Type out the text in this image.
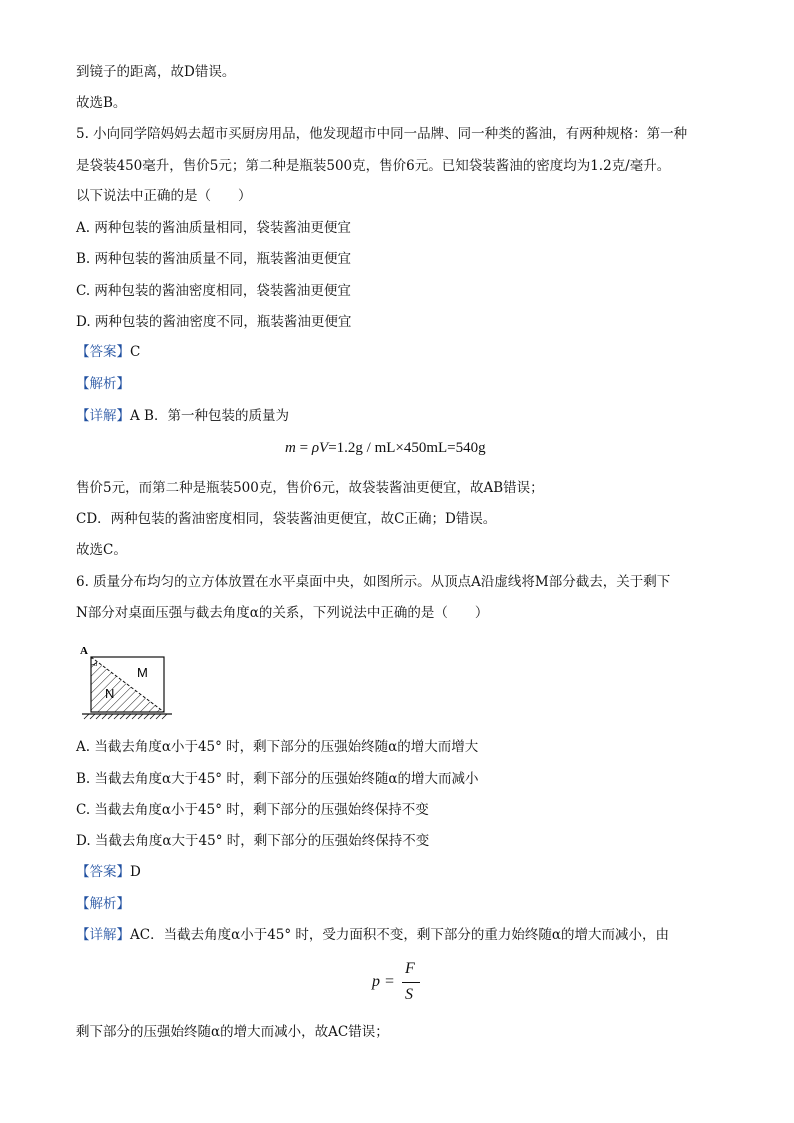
到镜子的距离，故D错误。
故选B。
5. 小向同学陪妈妈去超市买厨房用品，他发现超市中同一品牌、同一种类的酱油，有两种规格：第一种
是袋装450毫升，售价5元；第二种是瓶装500克，售价6元。已知袋装酱油的密度均为1.2克/毫升。
以下说法中正确的是（　　）
A. 两种包装的酱油质量相同，袋装酱油更便宜
B. 两种包装的酱油质量不同，瓶装酱油更便宜
C. 两种包装的酱油密度相同，袋装酱油更便宜
D. 两种包装的酱油密度不同，瓶装酱油更便宜
【答案】C
【解析】
【详解】A B．第一种包装的质量为
m = ρV=1.2g / mL×450mL=540g
售价5元，而第二种是瓶装500克，售价6元，故袋装酱油更便宜，故AB错误；
CD．两种包装的酱油密度相同，袋装酱油更便宜，故C正确；D错误。
故选C。
6. 质量分布均匀的立方体放置在水平桌面中央，如图所示。从顶点A沿虚线将M部分截去，关于剩下
N部分对桌面压强与截去角度α的关系，下列说法中正确的是（　　）
A
α	M
N
A. 当截去角度α小于45° 时，剩下部分的压强始终随α的增大而增大
B. 当截去角度α大于45° 时，剩下部分的压强始终随α的增大而减小
C. 当截去角度α小于45° 时，剩下部分的压强始终保持不变
D. 当截去角度α大于45° 时，剩下部分的压强始终保持不变
【答案】D
【解析】
【详解】AC．当截去角度α小于45° 时，受力面积不变，剩下部分的重力始终随α的增大而减小，由
p =
F
S
剩下部分的压强始终随α的增大而减小，故AC错误；
